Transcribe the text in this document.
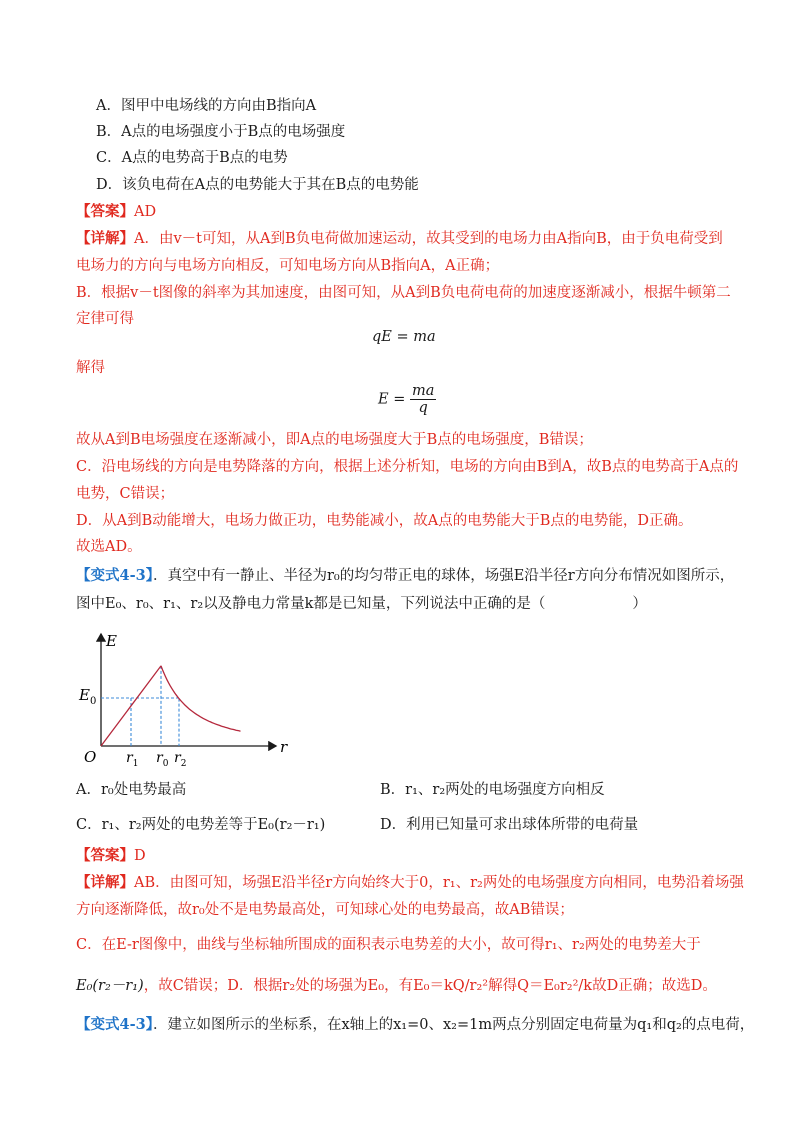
A．图甲中电场线的方向由B指向A
B．A点的电场强度小于B点的电场强度
C．A点的电势高于B点的电势
D．该负电荷在A点的电势能大于其在B点的电势能
【答案】AD
【详解】A．由v－t可知，从A到B负电荷做加速运动，故其受到的电场力由A指向B，由于负电荷受到
电场力的方向与电场方向相反，可知电场方向从B指向A，A正确；
B．根据v－t图像的斜率为其加速度，由图可知，从A到B负电荷电荷的加速度逐渐减小，根据牛顿第二
定律可得
qE = ma
解得
$E = \frac{ma}{q}$
故从A到B电场强度在逐渐减小，即A点的电场强度大于B点的电场强度，B错误；
C．沿电场线的方向是电势降落的方向，根据上述分析知，电场的方向由B到A，故B点的电势高于A点的
电势，C错误；
D．从A到B动能增大，电场力做正功，电势能减小，故A点的电势能大于B点的电势能，D正确。
故选AD。
【变式4-3】．真空中有一静止、半径为r₀的均匀带正电的球体，场强E沿半径r方向分布情况如图所示，
图中E₀、r₀、r₁、r₂以及静电力常量k都是已知量，下列说法中正确的是（　　　　　　）
E
r
O
$E_0$
$r_1$ $r_0$ $r_2$
A．r₀处电势最高	B．r₁、r₂两处的电场强度方向相反
C．r₁、r₂两处的电势差等于E₀(r₂－r₁)	D．利用已知量可求出球体所带的电荷量
【答案】D
【详解】AB．由图可知，场强E沿半径r方向始终大于0，r₁、r₂两处的电场强度方向相同，电势沿着场强
方向逐渐降低，故r₀处不是电势最高处，可知球心处的电势最高，故AB错误；
C．在E-r图像中，曲线与坐标轴所围成的面积表示电势差的大小，故可得r₁、r₂两处的电势差大于
E₀(r₂－r₁)，故C错误；D．根据r₂处的场强为E₀，有E₀＝kQ/r₂²解得Q＝E₀r₂²/k故D正确；故选D。
【变式4-3】．建立如图所示的坐标系，在x轴上的x₁=0、x₂=1m两点分别固定电荷量为q₁和q₂的点电荷，
